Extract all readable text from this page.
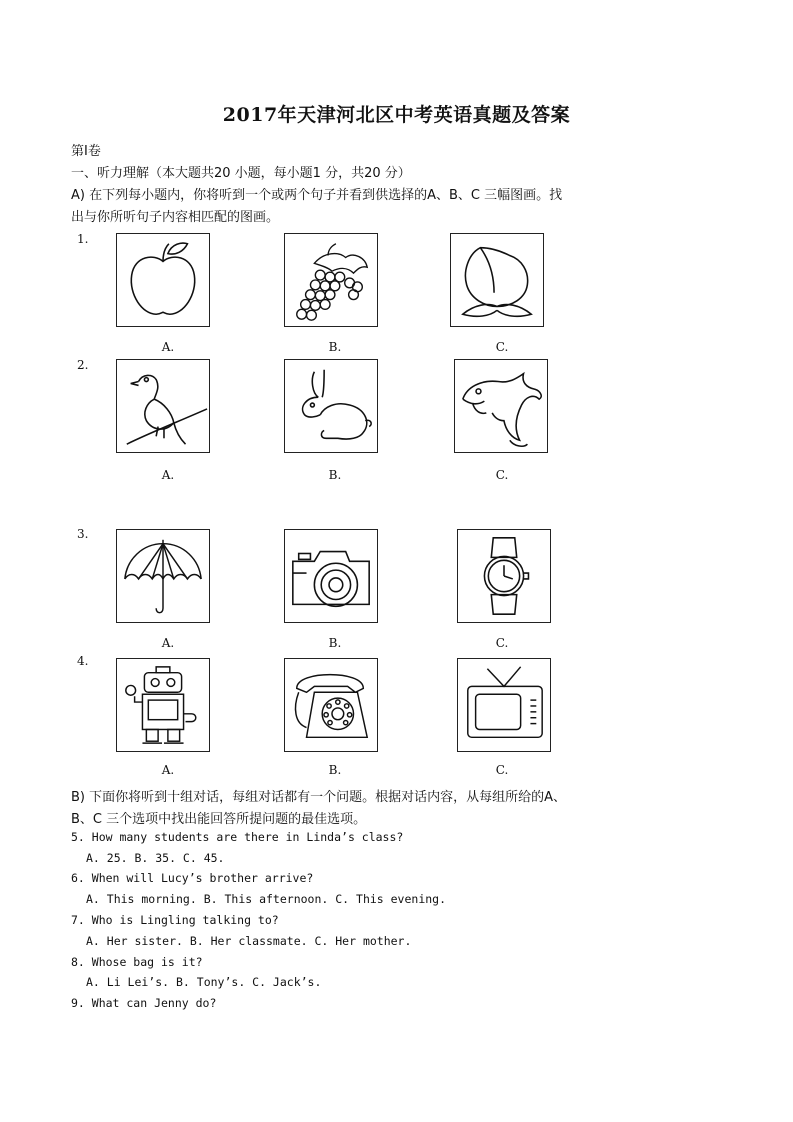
2017年天津河北区中考英语真题及答案
第Ⅰ卷
一、听力理解（本大题共20 小题，每小题1 分，共20 分）
A) 在下列每小题内，你将听到一个或两个句子并看到供选择的A、B、C 三幅图画。找
出与你所听句子内容相匹配的图画。
1.
A.	B.	C.
2.
A.	B.	C.
3.
A.	B.	C.
4.
A.	B.	C.
B) 下面你将听到十组对话，每组对话都有一个问题。根据对话内容，从每组所给的A、
B、C 三个选项中找出能回答所提问题的最佳选项。
5. How many students are there in Linda’s class?
A. 25. B. 35. C. 45.
6. When will Lucy’s brother arrive?
A. This morning. B. This afternoon. C. This evening.
7. Who is Lingling talking to?
A. Her sister. B. Her classmate. C. Her mother.
8. Whose bag is it?
A. Li Lei’s. B. Tony’s. C. Jack’s.
9. What can Jenny do?
